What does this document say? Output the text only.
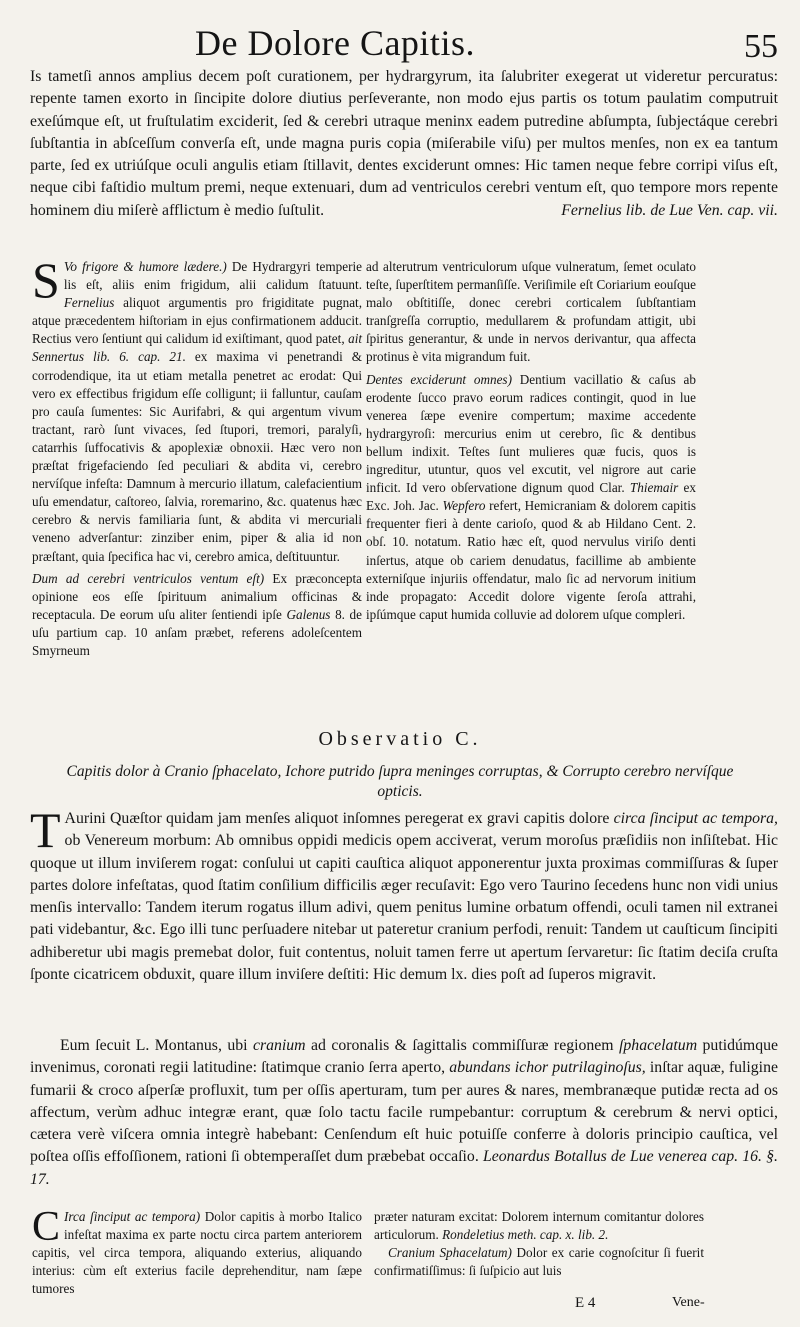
De Dolore Capitis.	55

Is tametſi annos amplius decem poſt curationem, per hydrargyrum, ita ſalubriter exegerat ut videretur percuratus: repente tamen exorto in ſincipite dolore diutius perſeverante, non modo ejus partis os totum paulatim computruit exeſúmque eſt, ut fruſtulatim exciderit, ſed & cerebri utraque meninx eadem putredine abſumpta, ſubjectáque cerebri ſubſtantia in abſceſſum converſa eſt, unde magna puris copia (miſerabile viſu) per multos menſes, non ex ea tantum parte, ſed ex utriúſque oculi angulis etiam ſtillavit, dentes exciderunt omnes: Hic tamen neque febre corripi viſus eſt, neque cibi faſtidio multum premi, neque extenuari, dum ad ventriculos cerebri ventum eſt, quo tempore mors repente hominem diu miſerè afflictum è medio ſuſtulit.	Fernelius lib. de Lue Ven. cap. vii.

S Vo frigore & humore lædere.) De Hydrargyri temperie lis eſt, aliis enim frigidum, alii calidum ſtatuunt. Fernelius aliquot argumentis pro frigiditate pugnat, atque præcedentem hiſtoriam in ejus confirmationem adducit. Rectius vero ſentiunt qui calidum id exiſtimant, quod patet, ait Sennertus lib. 6. cap. 21. ex maxima vi penetrandi & corrodendique, ita ut etiam metalla penetret ac erodat: Qui vero ex effectibus frigidum eſſe colligunt; ii falluntur, cauſam pro cauſa ſumentes: Sic Aurifabri, & qui argentum vivum tractant, rarò ſunt vivaces, ſed ſtupori, tremori, paralyſi, catarrhis ſuffocativis & apoplexiæ obnoxii. Hæc vero non præſtat frigefaciendo ſed peculiari & abdita vi, cerebro nervíſque infeſta: Damnum à mercurio illatum, calefacientium uſu emendatur, caſtoreo, ſalvia, roremarino, &c. quatenus hæc cerebro & nervis familiaria ſunt, & abdita vi mercuriali veneno adverſantur: zinziber enim, piper & alia id non præſtant, quia ſpecifica hac vi, cerebro amica, deſtituuntur.

Dum ad cerebri ventriculos ventum eſt) Ex præconcepta opinione eos eſſe ſpirituum animalium officinas & receptacula. De eorum uſu aliter ſentiendi ipſe Galenus 8. de uſu partium cap. 10 anſam præbet, referens adoleſcentem Smyrneum

ad alterutrum ventriculorum uſque vulneratum, ſemet oculato teſte, ſuperſtitem permanſiſſe. Veriſimile eſt Coriarium eouſque malo obſtitiſſe, donec cerebri corticalem ſubſtantiam tranſgreſſa corruptio, medullarem & profundam attigit, ubi ſpiritus generantur, & unde in nervos derivantur, qua affecta protinus è vita migrandum fuit.

Dentes exciderunt omnes) Dentium vacillatio & caſus ab erodente ſucco pravo eorum radices contingit, quod in lue venerea ſæpe evenire compertum; maxime accedente hydrargyroſi: mercurius enim ut cerebro, ſic & dentibus bellum indixit. Teſtes ſunt mulieres quæ fucis, quos is ingreditur, utuntur, quos vel excutit, vel nigrore aut carie inficit. Id vero obſervatione dignum quod Clar. Thiemair ex Exc. Joh. Jac. Wepfero refert, Hemicraniam & dolorem capitis frequenter fieri à dente carioſo, quod & ab Hildano Cent. 2. obſ. 10. notatum. Ratio hæc eſt, quod nervulus viriſo denti inſertus, atque ob cariem denudatus, facillime ab ambiente externiſque injuriis offendatur, malo ſic ad nervorum initium inde propagato: Accedit dolore vigente ſeroſa attrahi, ipſúmque caput humida colluvie ad dolorem uſque compleri.

Observatio C.
Capitis dolor à Cranio ſphacelato, Ichore putrido ſupra meninges corruptas, & Corrupto cerebro nervíſque opticis.

T Aurini Quæſtor quidam jam menſes aliquot inſomnes peregerat ex gravi capitis dolore circa ſinciput ac tempora, ob Venereum morbum: Ab omnibus oppidi medicis opem acciverat, verum moroſus præſidiis non inſiſtebat. Hic quoque ut illum inviſerem rogat: conſului ut capiti cauſtica aliquot apponerentur juxta proximas commiſſuras & ſuper partes dolore infeſtatas, quod ſtatim conſilium difficilis æger recuſavit: Ego vero Taurino ſecedens hunc non vidi unius menſis intervallo: Tandem iterum rogatus illum adivi, quem penitus lumine orbatum offendi, oculi tamen nil extranei pati videbantur, &c. Ego illi tunc perſuadere nitebar ut pateretur cranium perfodi, renuit: Tandem ut cauſticum ſincipiti adhiberetur ubi magis premebat dolor, fuit contentus, noluit tamen ferre ut apertum ſervaretur: ſic ſtatim deciſa cruſta ſponte cicatricem obduxit, quare illum inviſere deſtiti: Hic demum lx. dies poſt ad ſuperos migravit.

Eum ſecuit L. Montanus, ubi cranium ad coronalis & ſagittalis commiſſuræ regionem ſphacelatum putidúmque invenimus, coronati regii latitudine: ſtatimque cranio ſerra aperto, abundans ichor putrilaginoſus, inſtar aquæ, fuligine fumarii & croco aſperſæ profluxit, tum per oſſis aperturam, tum per aures & nares, membranæque putidæ recta ad os affectum, verùm adhuc integræ erant, quæ ſolo tactu facile rumpebantur: corruptum & cerebrum & nervi optici, cætera verè viſcera omnia integrè habebant: Cenſendum eſt huic potuiſſe conferre à doloris principio cauſtica, vel poſtea oſſis effoſſionem, rationi ſi obtemperaſſet dum præbebat occaſio. Leonardus Botallus de Lue venerea cap. 16. §. 17.

C Irca ſinciput ac tempora) Dolor capitis à morbo Italico infeſtat maxima ex parte noctu circa partem anteriorem capitis, vel circa tempora, aliquando exterius, aliquando interius: cùm eſt exterius facile deprehenditur, nam ſæpe tumores

præter naturam excitat: Dolorem internum comitantur dolores articulorum. Rondeletius meth. cap. x. lib. 2.

Cranium Sphacelatum) Dolor ex carie cognoſcitur ſi fuerit confirmatiſſimus: ſi ſuſpicio aut luis

E 4	Vene-
